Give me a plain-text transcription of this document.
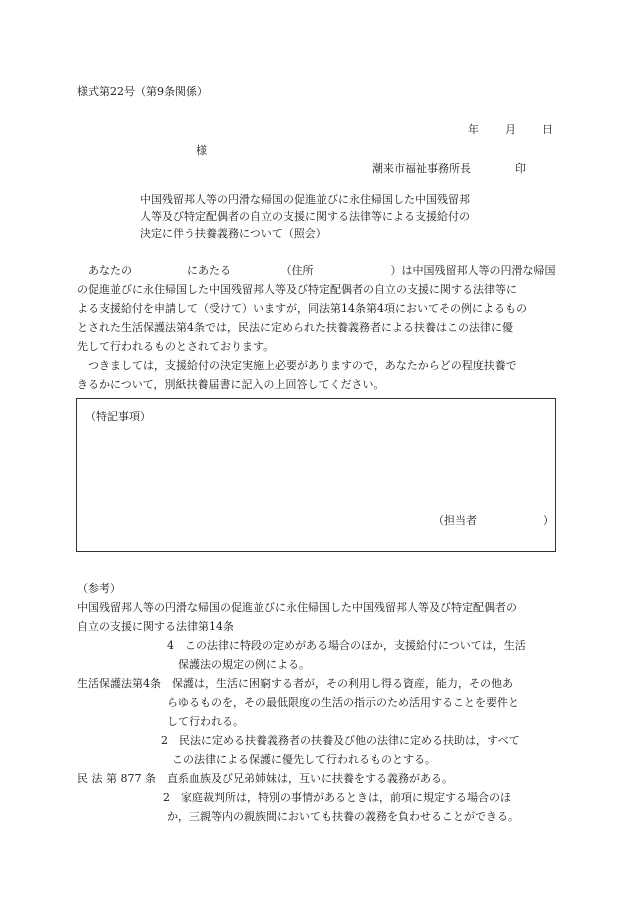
様式第22号（第9条関係）
年 月 日
様
潮来市福祉事務所長	印
中国残留邦人等の円滑な帰国の促進並びに永住帰国した中国残留邦
人等及び特定配偶者の自立の支援に関する法律等による支援給付の
決定に伴う扶養義務について（照会）
　あなたの　　　　　にあたる　　　　　（住所　　　　　　　）は中国残留邦人等の円滑な帰国
の促進並びに永住帰国した中国残留邦人等及び特定配偶者の自立の支援に関する法律等に
よる支援給付を申請して（受けて）いますが，同法第14条第4項においてその例によるもの
とされた生活保護法第4条では，民法に定められた扶養義務者による扶養はこの法律に優
先して行われるものとされております。
　つきましては，支援給付の決定実施上必要がありますので，あなたからどの程度扶養で
きるかについて，別紙扶養届書に記入の上回答してください。
（特記事項）
（担当者　　　　　　）
（参考）
中国残留邦人等の円滑な帰国の促進並びに永住帰国した中国残留邦人等及び特定配偶者の
自立の支援に関する法律第14条
4　この法律に特段の定めがある場合のほか，支援給付については，生活
　保護法の規定の例による。
生活保護法第4条　保護は，生活に困窮する者が，その利用し得る資産，能力，その他あ
らゆるものを，その最低限度の生活の指示のため活用することを要件と
して行われる。
2　民法に定める扶養義務者の扶養及び他の法律に定める扶助は，すべて
　この法律による保護に優先して行われるものとする。
民 法 第 877 条　直系血族及び兄弟姉妹は，互いに扶養をする義務がある。
2　家庭裁判所は，特別の事情があるときは，前項に規定する場合のほ
か，三親等内の親族間においても扶養の義務を負わせることができる。
